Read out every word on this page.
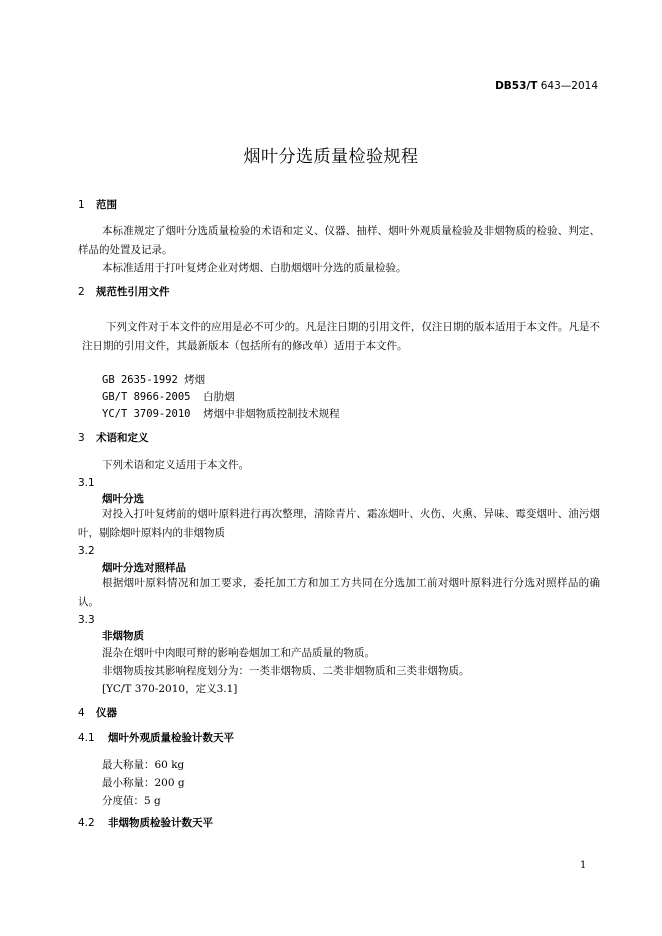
DB53/T 643—2014
烟叶分选质量检验规程
1 范围
本标准规定了烟叶分选质量检验的术语和定义、仪器、抽样、烟叶外观质量检验及非烟物质的检验、判定、样品的处置及记录。
本标准适用于打叶复烤企业对烤烟、白肋烟烟叶分选的质量检验。
2 规范性引用文件
下列文件对于本文件的应用是必不可少的。凡是注日期的引用文件，仅注日期的版本适用于本文件。凡是不注日期的引用文件，其最新版本（包括所有的修改单）适用于本文件。
GB 2635-1992 烤烟
GB/T 8966-2005  白肋烟
YC/T 3709-2010  烤烟中非烟物质控制技术规程
3 术语和定义
下列术语和定义适用于本文件。
3.1
烟叶分选
对投入打叶复烤前的烟叶原料进行再次整理，清除青片、霜冻烟叶、火伤、火熏、异味、霉变烟叶、油污烟叶，剔除烟叶原料内的非烟物质
3.2
烟叶分选对照样品
根据烟叶原料情况和加工要求，委托加工方和加工方共同在分选加工前对烟叶原料进行分选对照样品的确认。
3.3
非烟物质
混杂在烟叶中肉眼可辩的影响卷烟加工和产品质量的物质。
非烟物质按其影响程度划分为：一类非烟物质、二类非烟物质和三类非烟物质。
[YC/T 370-2010，定义3.1]
4 仪器
4.1 烟叶外观质量检验计数天平
最大称量：60 kg
最小称量：200 g
分度值：5 g
4.2 非烟物质检验计数天平
1
